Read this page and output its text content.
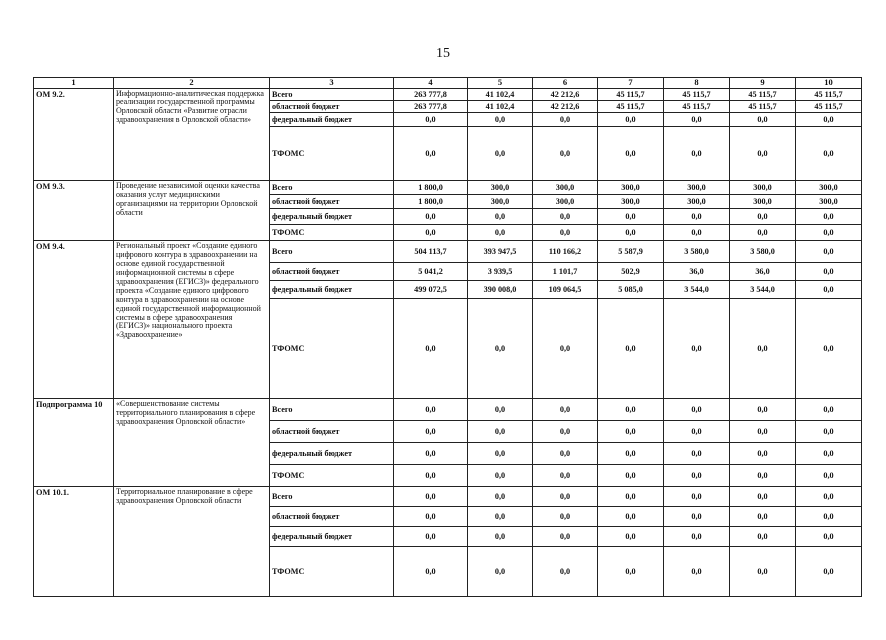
15
1	2	3	4	5	6	7	8	9	10
ОМ 9.2.	Информационно-аналитическая поддержка реализации государственной программы Орловской области «Развитие отрасли здравоохранения в Орловской области»	Всего	263 777,8	41 102,4	42 212,6	45 115,7	45 115,7	45 115,7	45 115,7
		областной бюджет	263 777,8	41 102,4	42 212,6	45 115,7	45 115,7	45 115,7	45 115,7
		федеральный бюджет	0,0	0,0	0,0	0,0	0,0	0,0	0,0
		ТФОМС	0,0	0,0	0,0	0,0	0,0	0,0	0,0
ОМ 9.3.	Проведение независимой оценки качества оказания услуг медицинскими организациями на территории Орловской области	Всего	1 800,0	300,0	300,0	300,0	300,0	300,0	300,0
		областной бюджет	1 800,0	300,0	300,0	300,0	300,0	300,0	300,0
		федеральный бюджет	0,0	0,0	0,0	0,0	0,0	0,0	0,0
		ТФОМС	0,0	0,0	0,0	0,0	0,0	0,0	0,0
ОМ 9.4.	Региональный проект «Создание единого цифрового контура в здравоохранении на основе единой государственной информационной системы в сфере здравоохранения (ЕГИСЗ)» федерального проекта «Создание единого цифрового контура в здравоохранении на основе единой государственной информационной системы в сфере здравоохранения (ЕГИСЗ)» национального проекта «Здравоохранение»	Всего	504 113,7	393 947,5	110 166,2	5 587,9	3 580,0	3 580,0	0,0
		областной бюджет	5 041,2	3 939,5	1 101,7	502,9	36,0	36,0	0,0
		федеральный бюджет	499 072,5	390 008,0	109 064,5	5 085,0	3 544,0	3 544,0	0,0
		ТФОМС	0,0	0,0	0,0	0,0	0,0	0,0	0,0
Подпрограмма 10	«Совершенствование системы территориального планирования в сфере здравоохранения Орловской области»	Всего	0,0	0,0	0,0	0,0	0,0	0,0	0,0
		областной бюджет	0,0	0,0	0,0	0,0	0,0	0,0	0,0
		федеральный бюджет	0,0	0,0	0,0	0,0	0,0	0,0	0,0
		ТФОМС	0,0	0,0	0,0	0,0	0,0	0,0	0,0
ОМ 10.1.	Территориальное планирование в сфере здравоохранения Орловской области	Всего	0,0	0,0	0,0	0,0	0,0	0,0	0,0
		областной бюджет	0,0	0,0	0,0	0,0	0,0	0,0	0,0
		федеральный бюджет	0,0	0,0	0,0	0,0	0,0	0,0	0,0
		ТФОМС	0,0	0,0	0,0	0,0	0,0	0,0	0,0
